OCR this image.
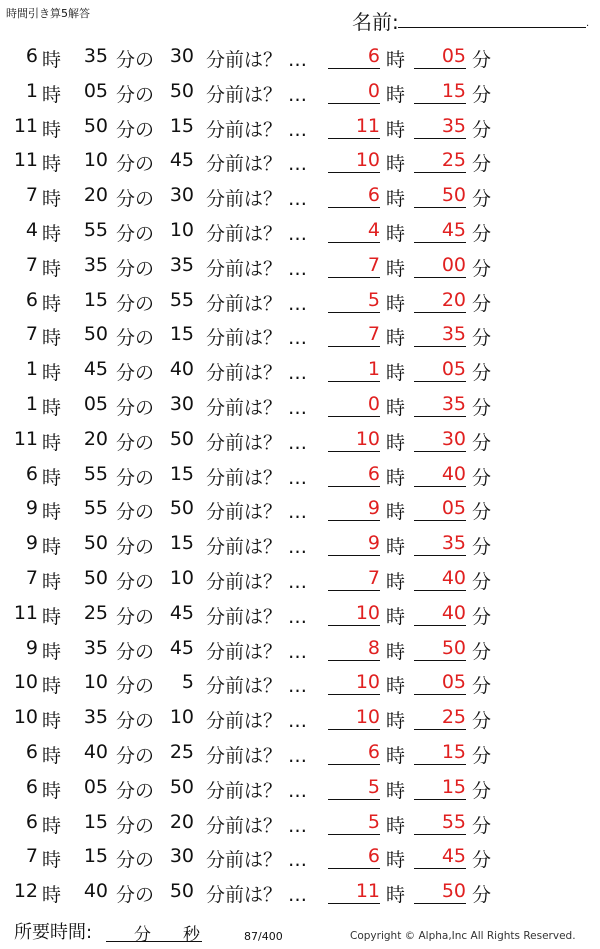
時間引き算5解答	名前:	.
6 時	35 分の 30 分前は？ …	6 時	05 分
1 時	05 分の 50 分前は？ …	0 時	15 分
11 時	50 分の 15 分前は？ …	11 時	35 分
11 時	10 分の 45 分前は？ …	10 時	25 分
7 時	20 分の 30 分前は？ …	6 時	50 分
4 時	55 分の 10 分前は？ …	4 時	45 分
7 時	35 分の 35 分前は？ …	7 時	00 分
6 時	15 分の 55 分前は？ …	5 時	20 分
7 時	50 分の 15 分前は？ …	7 時	35 分
1 時	45 分の 40 分前は？ …	1 時	05 分
1 時	05 分の 30 分前は？ …	0 時	35 分
11 時	20 分の 50 分前は？ …	10 時	30 分
6 時	55 分の 15 分前は？ …	6 時	40 分
9 時	55 分の 50 分前は？ …	9 時	05 分
9 時	50 分の 15 分前は？ …	9 時	35 分
7 時	50 分の 10 分前は？ …	7 時	40 分
11 時	25 分の 45 分前は？ …	10 時	40 分
9 時	35 分の 45 分前は？ …	8 時	50 分
10 時	10 分の	5 分前は？ …	10 時	05 分
10 時	35 分の 10 分前は？ …	10 時	25 分
6 時	40 分の 25 分前は？ …	6 時	15 分
6 時	05 分の 50 分前は？ …	5 時	15 分
6 時	15 分の 20 分前は？ …	5 時	55 分
7 時	15 分の 30 分前は？ …	6 時	45 分
12 時	40 分の 50 分前は？ …	11 時	50 分
所要時間: 分 秒	87/400	Copyright © Alpha,Inc All Rights Reserved.
